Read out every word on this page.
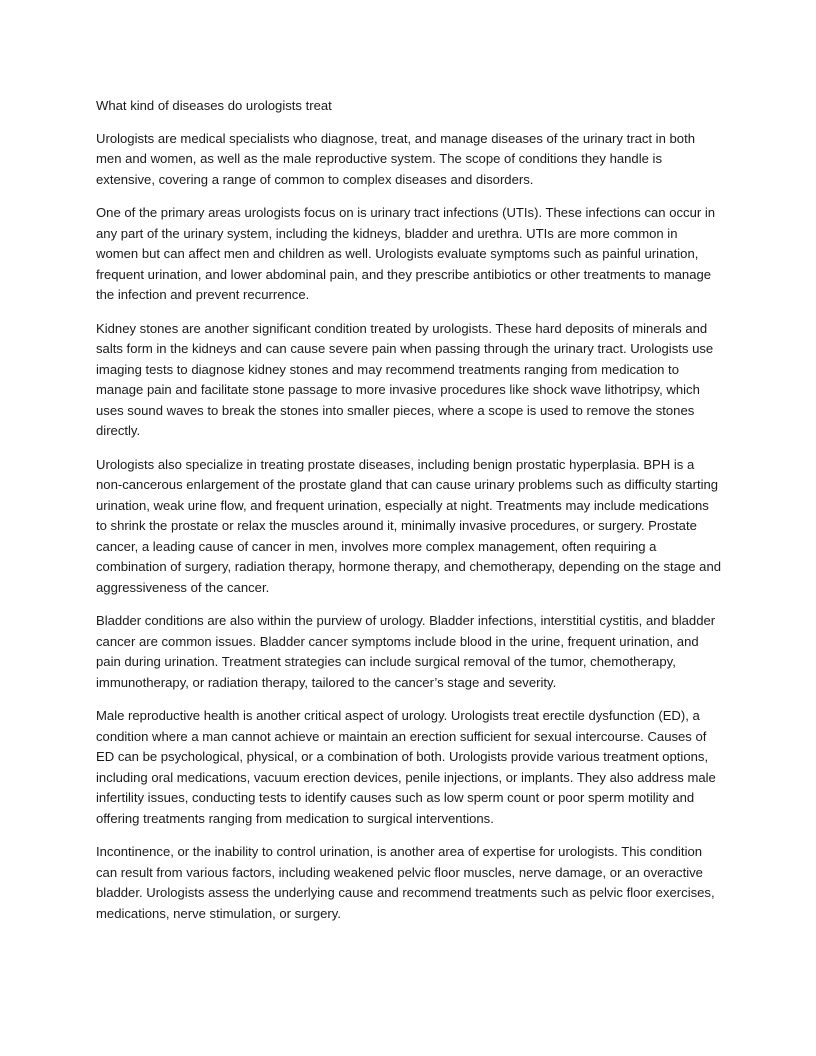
What kind of diseases do urologists treat

Urologists are medical specialists who diagnose, treat, and manage diseases of the urinary tract in both men and women, as well as the male reproductive system. The scope of conditions they handle is extensive, covering a range of common to complex diseases and disorders.

One of the primary areas urologists focus on is urinary tract infections (UTIs). These infections can occur in any part of the urinary system, including the kidneys, bladder and urethra. UTIs are more common in women but can affect men and children as well. Urologists evaluate symptoms such as painful urination, frequent urination, and lower abdominal pain, and they prescribe antibiotics or other treatments to manage the infection and prevent recurrence.

Kidney stones are another significant condition treated by urologists. These hard deposits of minerals and salts form in the kidneys and can cause severe pain when passing through the urinary tract. Urologists use imaging tests to diagnose kidney stones and may recommend treatments ranging from medication to manage pain and facilitate stone passage to more invasive procedures like shock wave lithotripsy, which uses sound waves to break the stones into smaller pieces, where a scope is used to remove the stones directly.

Urologists also specialize in treating prostate diseases, including benign prostatic hyperplasia. BPH is a non-cancerous enlargement of the prostate gland that can cause urinary problems such as difficulty starting urination, weak urine flow, and frequent urination, especially at night. Treatments may include medications to shrink the prostate or relax the muscles around it, minimally invasive procedures, or surgery. Prostate cancer, a leading cause of cancer in men, involves more complex management, often requiring a combination of surgery, radiation therapy, hormone therapy, and chemotherapy, depending on the stage and aggressiveness of the cancer.

Bladder conditions are also within the purview of urology. Bladder infections, interstitial cystitis, and bladder cancer are common issues. Bladder cancer symptoms include blood in the urine, frequent urination, and pain during urination. Treatment strategies can include surgical removal of the tumor, chemotherapy, immunotherapy, or radiation therapy, tailored to the cancer’s stage and severity.

Male reproductive health is another critical aspect of urology. Urologists treat erectile dysfunction (ED), a condition where a man cannot achieve or maintain an erection sufficient for sexual intercourse. Causes of ED can be psychological, physical, or a combination of both. Urologists provide various treatment options, including oral medications, vacuum erection devices, penile injections, or implants. They also address male infertility issues, conducting tests to identify causes such as low sperm count or poor sperm motility and offering treatments ranging from medication to surgical interventions.

Incontinence, or the inability to control urination, is another area of expertise for urologists. This condition can result from various factors, including weakened pelvic floor muscles, nerve damage, or an overactive bladder. Urologists assess the underlying cause and recommend treatments such as pelvic floor exercises, medications, nerve stimulation, or surgery.
